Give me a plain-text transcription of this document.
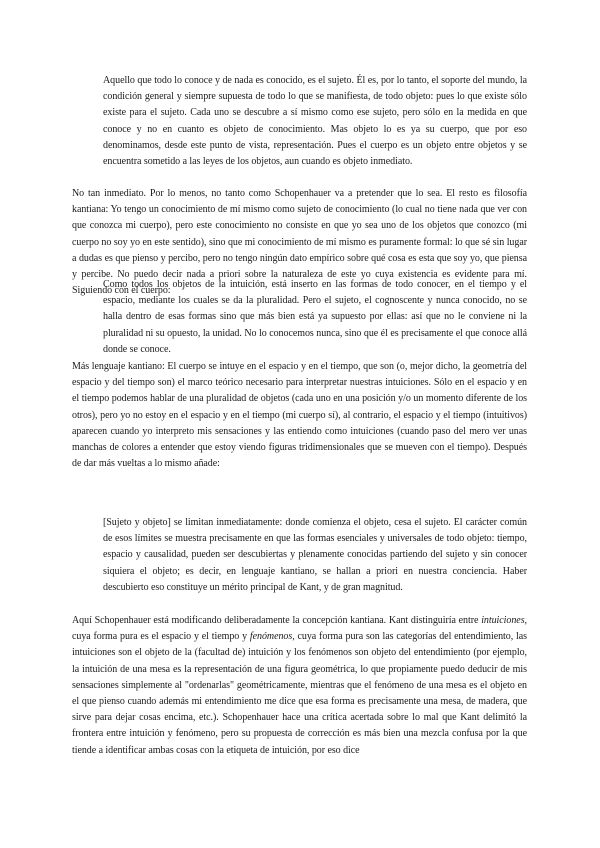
Aquello que todo lo conoce y de nada es conocido, es el sujeto. Él es, por lo tanto, el soporte del mundo, la condición general y siempre supuesta de todo lo que se manifiesta, de todo objeto: pues lo que existe sólo existe para el sujeto. Cada uno se descubre a sí mismo como ese sujeto, pero sólo en la medida en que conoce y no en cuanto es objeto de conocimiento. Mas objeto lo es ya su cuerpo, que por eso denominamos, desde este punto de vista, representación. Pues el cuerpo es un objeto entre objetos y se encuentra sometido a las leyes de los objetos, aun cuando es objeto inmediato.

No tan inmediato. Por lo menos, no tanto como Schopenhauer va a pretender que lo sea. El resto es filosofía kantiana: Yo tengo un conocimiento de mí mismo como sujeto de conocimiento (lo cual no tiene nada que ver con que conozca mi cuerpo), pero este conocimiento no consiste en que yo sea uno de los objetos que conozco (mi cuerpo no soy yo en este sentido), sino que mi conocimiento de mí mismo es puramente formal: lo que sé sin lugar a dudas es que pienso y percibo, pero no tengo ningún dato empírico sobre qué cosa es esta que soy yo, que piensa y percibe. No puedo decir nada a priori sobre la naturaleza de este yo cuya existencia es evidente para mí. Siguiendo con el cuerpo:

Como todos los objetos de la intuición, está inserto en las formas de todo conocer, en el tiempo y el espacio, mediante los cuales se da la pluralidad. Pero el sujeto, el cognoscente y nunca conocido, no se halla dentro de esas formas sino que más bien está ya supuesto por ellas: así que no le conviene ni la pluralidad ni su opuesto, la unidad. No lo conocemos nunca, sino que él es precisamente el que conoce allá donde se conoce.

Más lenguaje kantiano: El cuerpo se intuye en el espacio y en el tiempo, que son (o, mejor dicho, la geometría del espacio y del tiempo son) el marco teórico necesario para interpretar nuestras intuiciones. Sólo en el espacio y en el tiempo podemos hablar de una pluralidad de objetos (cada uno en una posición y/o un momento diferente de los otros), pero yo no estoy en el espacio y en el tiempo (mi cuerpo sí), al contrario, el espacio y el tiempo (intuitivos) aparecen cuando yo interpreto mis sensaciones y las entiendo como intuiciones (cuando paso del mero ver unas manchas de colores a entender que estoy viendo figuras tridimensionales que se mueven con el tiempo). Después de dar más vueltas a lo mismo añade:

[Sujeto y objeto] se limitan inmediatamente: donde comienza el objeto, cesa el sujeto. El carácter común de esos límites se muestra precisamente en que las formas esenciales y universales de todo objeto: tiempo, espacio y causalidad, pueden ser descubiertas y plenamente conocidas partiendo del sujeto y sin conocer siquiera el objeto; es decir, en lenguaje kantiano, se hallan a priori en nuestra conciencia. Haber descubierto eso constituye un mérito principal de Kant, y de gran magnitud.

Aquí Schopenhauer está modificando deliberadamente la concepción kantiana. Kant distinguiría entre intuiciones, cuya forma pura es el espacio y el tiempo y fenómenos, cuya forma pura son las categorías del entendimiento, las intuiciones son el objeto de la (facultad de) intuición y los fenómenos son objeto del entendimiento (por ejemplo, la intuición de una mesa es la representación de una figura geométrica, lo que propiamente puedo deducir de mis sensaciones simplemente al "ordenarlas" geométricamente, mientras que el fenómeno de una mesa es el objeto en el que pienso cuando además mi entendimiento me dice que esa forma es precisamente una mesa, de madera, que sirve para dejar cosas encima, etc.). Schopenhauer hace una crítica acertada sobre lo mal que Kant delimitó la frontera entre intuición y fenómeno, pero su propuesta de corrección es más bien una mezcla confusa por la que tiende a identificar ambas cosas con la etiqueta de intuición, por eso dice
